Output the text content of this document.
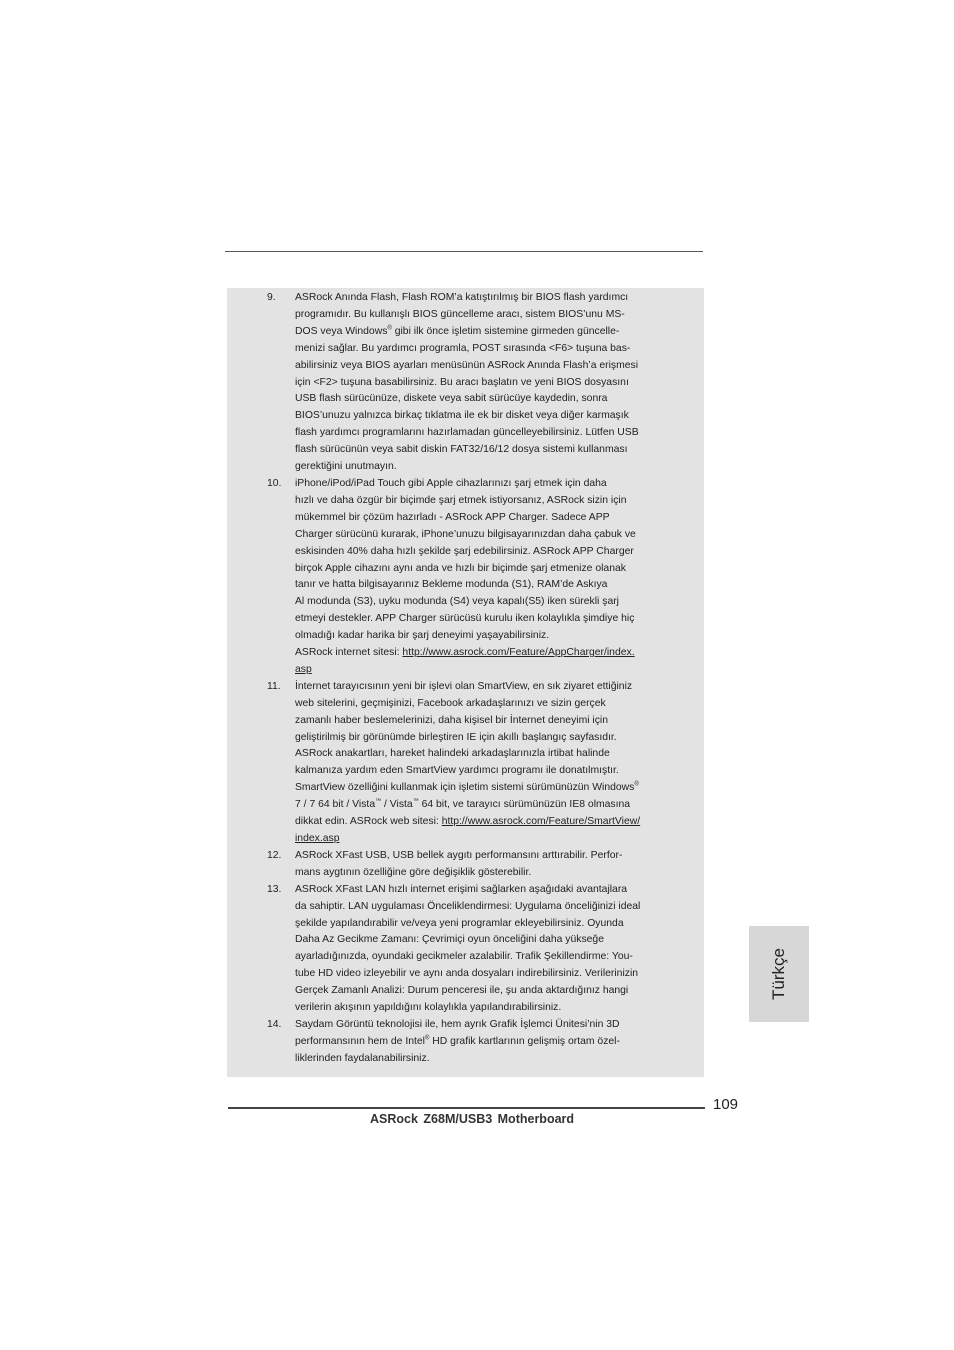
9. ASRock Anında Flash, Flash ROM’a katıştırılmış bir BIOS flash yardımcı
programıdır. Bu kullanışlı BIOS güncelleme aracı, sistem BIOS’unu MS-
DOS veya Windows® gibi ilk önce işletim sistemine girmeden güncelle-
menizi sağlar. Bu yardımcı programla, POST sırasında <F6> tuşuna bas-
abilirsiniz veya BIOS ayarları menüsünün ASRock Anında Flash’a erişmesi
için <F2> tuşuna basabilirsiniz. Bu aracı başlatın ve yeni BIOS dosyasını
USB flash sürücünüze, diskete veya sabit sürücüye kaydedin, sonra
BIOS’unuzu yalnızca birkaç tıklatma ile ek bir disket veya diğer karmaşık
flash yardımcı programlarını hazırlamadan güncelleyebilirsiniz. Lütfen USB
flash sürücünün veya sabit diskin FAT32/16/12 dosya sistemi kullanması
gerektiğini unutmayın.
10. iPhone/iPod/iPad Touch gibi Apple cihazlarınızı şarj etmek için daha
hızlı ve daha özgür bir biçimde şarj etmek istiyorsanız, ASRock sizin için
mükemmel bir çözüm hazırladı - ASRock APP Charger. Sadece APP
Charger sürücünü kurarak, iPhone’unuzu bilgisayarınızdan daha çabuk ve
eskisinden 40% daha hızlı şekilde şarj edebilirsiniz. ASRock APP Charger
birçok Apple cihazını aynı anda ve hızlı bir biçimde şarj etmenize olanak
tanır ve hatta bilgisayarınız Bekleme modunda (S1), RAM’de Askıya
Al modunda (S3), uyku modunda (S4) veya kapalı(S5) iken sürekli şarj
etmeyi destekler. APP Charger sürücüsü kurulu iken kolaylıkla şimdiye hiç
olmadığı kadar harika bir şarj deneyimi yaşayabilirsiniz.
ASRock internet sitesi: http://www.asrock.com/Feature/AppCharger/index.
asp
11. İnternet tarayıcısının yeni bir işlevi olan SmartView, en sık ziyaret ettiğiniz
web sitelerini, geçmişinizi, Facebook arkadaşlarınızı ve sizin gerçek
zamanlı haber beslemelerinizi, daha kişisel bir İnternet deneyimi için
geliştirilmiş bir görünümde birleştiren IE için akıllı başlangıç sayfasıdır.
ASRock anakartları, hareket halindeki arkadaşlarınızla irtibat halinde
kalmanıza yardım eden SmartView yardımcı programı ile donatılmıştır.
SmartView özelliğini kullanmak için işletim sistemi sürümünüzün Windows®
7 / 7 64 bit / Vista™ / Vista™ 64 bit, ve tarayıcı sürümünüzün IE8 olmasına
dikkat edin. ASRock web sitesi: http://www.asrock.com/Feature/SmartView/
index.asp
12. ASRock XFast USB, USB bellek aygıtı performansını arttırabilir. Perfor-
mans aygtının özelliğine göre değişiklik gösterebilir.
13. ASRock XFast LAN hızlı internet erişimi sağlarken aşağıdaki avantajlara
da sahiptir. LAN uygulaması Önceliklendirmesi: Uygulama önceliğinizi ideal
şekilde yapılandırabilir ve/veya yeni programlar ekleyebilirsiniz. Oyunda
Daha Az Gecikme Zamanı: Çevrimiçi oyun önceliğini daha yükseğe
ayarladığınızda, oyundaki gecikmeler azalabilir. Trafik Şekillendirme: You-
tube HD video izleyebilir ve aynı anda dosyaları indirebilirsiniz. Verilerinizin
Gerçek Zamanlı Analizi: Durum penceresi ile, şu anda aktardığınız hangi
verilerin akışının yapıldığını kolaylıkla yapılandırabilirsiniz.
14. Saydam Görüntü teknolojisi ile, hem ayrık Grafik İşlemci Ünitesi’nin 3D
performansının hem de Intel® HD grafik kartlarının gelişmiş ortam özel-
liklerinden faydalanabilirsiniz.
Türkçe
109
ASRock Z68M/USB3 Motherboard
